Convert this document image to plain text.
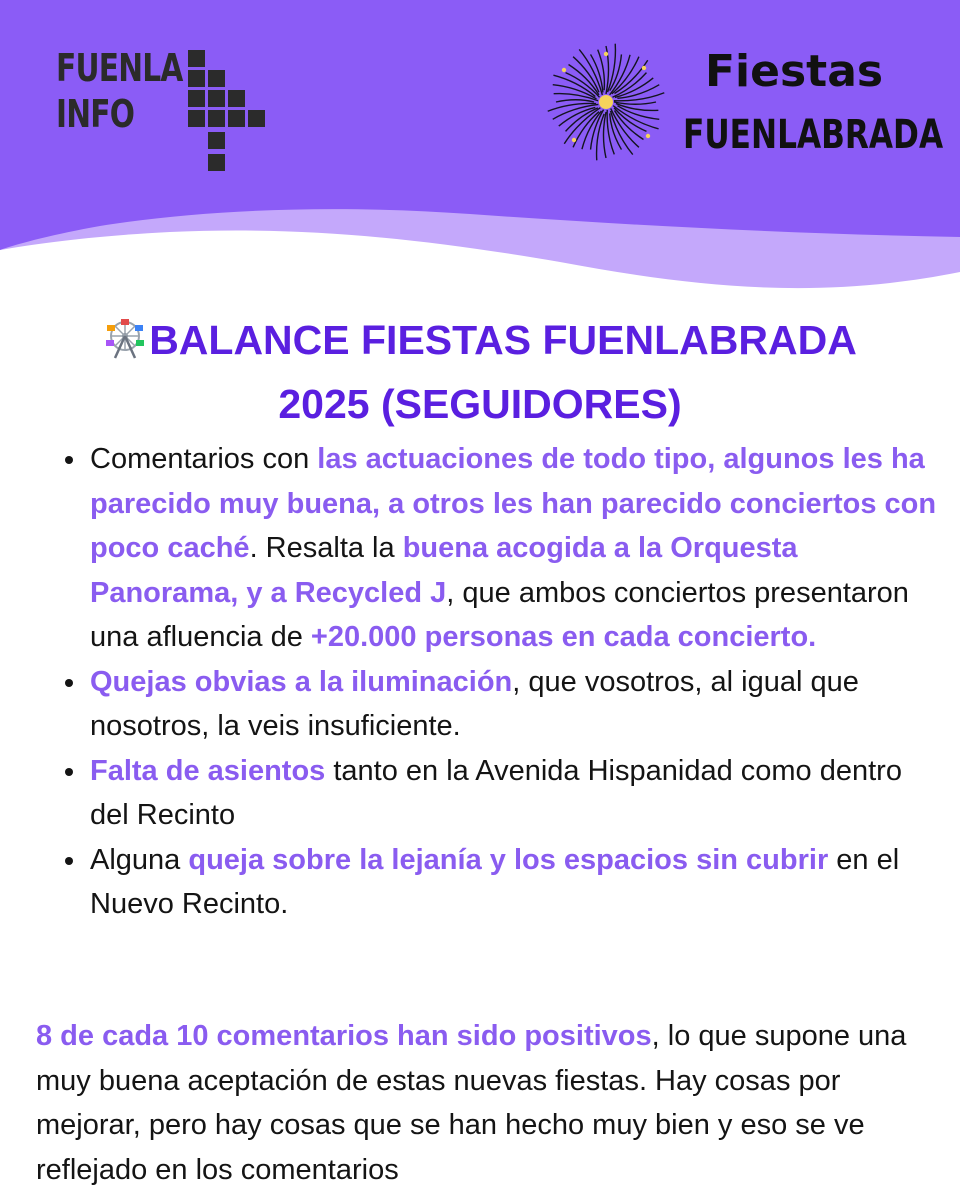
FUENLA
INFO
Fiestas
FUENLABRADA
BALANCE FIESTAS FUENLABRADA
2025 (SEGUIDORES)
Comentarios con las actuaciones de todo tipo, algunos les ha parecido muy buena, a otros les han parecido conciertos con poco caché. Resalta la buena acogida a la Orquesta Panorama, y a Recycled J, que ambos conciertos presentaron una afluencia de +20.000 personas en cada concierto.
Quejas obvias a la iluminación, que vosotros, al igual que nosotros, la veis insuficiente.
Falta de asientos tanto en la Avenida Hispanidad como dentro del Recinto
Alguna queja sobre la lejanía y los espacios sin cubrir en el Nuevo Recinto.

8 de cada 10 comentarios han sido positivos, lo que supone una muy buena aceptación de estas nuevas fiestas. Hay cosas por mejorar, pero hay cosas que se han hecho muy bien y eso se ve reflejado en los comentarios
